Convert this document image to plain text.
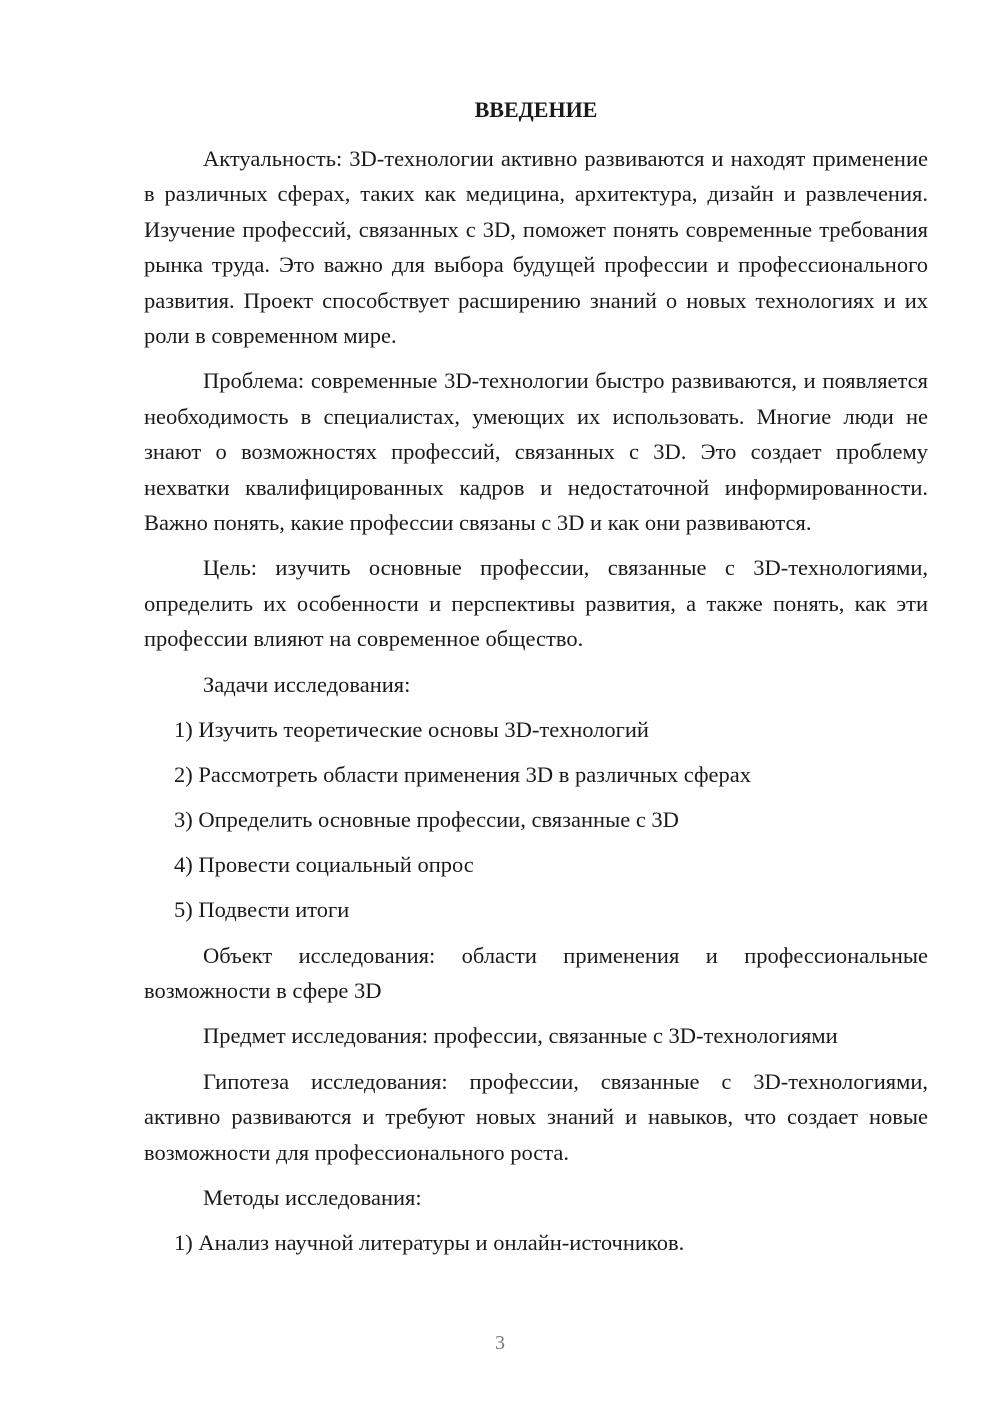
ВВЕДЕНИЕ

Актуальность: 3D-технологии активно развиваются и находят применение в различных сферах, таких как медицина, архитектура, дизайн и развлечения. Изучение профессий, связанных с 3D, поможет понять современные требования рынка труда. Это важно для выбора будущей профессии и профессионального развития. Проект способствует расширению знаний о новых технологиях и их роли в современном мире.

Проблема: современные 3D-технологии быстро развиваются, и появляется необходимость в специалистах, умеющих их использовать. Многие люди не знают о возможностях профессий, связанных с 3D. Это создает проблему нехватки квалифицированных кадров и недостаточной информированности. Важно понять, какие профессии связаны с 3D и как они развиваются.

Цель: изучить основные профессии, связанные с 3D-технологиями, определить их особенности и перспективы развития, а также понять, как эти профессии влияют на современное общество.

Задачи исследования:

1) Изучить теоретические основы 3D-технологий
2) Рассмотреть области применения 3D в различных сферах
3) Определить основные профессии, связанные с 3D
4) Провести социальный опрос
5) Подвести итоги

Объект исследования: области применения и профессиональные возможности в сфере 3D

Предмет исследования: профессии, связанные с 3D-технологиями

Гипотеза исследования: профессии, связанные с 3D-технологиями, активно развиваются и требуют новых знаний и навыков, что создает новые возможности для профессионального роста.

Методы исследования:

1) Анализ научной литературы и онлайн-источников.
3
